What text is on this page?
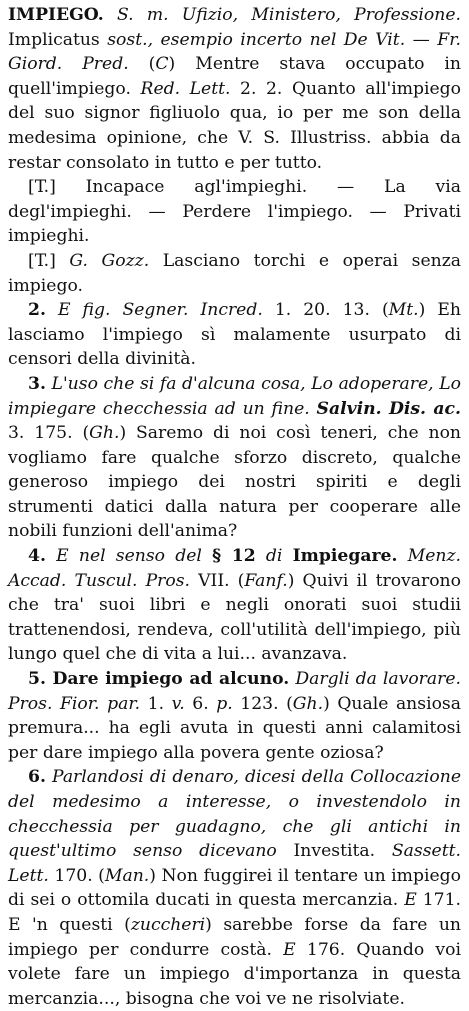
IMPIEGO. S. m. Ufizio, Ministero, Professione. Implicatus sost., esempio incerto nel De Vit. — Fr. Giord. Pred. (C) Mentre stava occupato in quell'impiego. Red. Lett. 2. 2. Quanto all'impiego del suo signor figliuolo qua, io per me son della medesima opinione, che V. S. Illustriss. abbia da restar consolato in tutto e per tutto.

[T.] Incapace agl'impieghi. — La via degl'impieghi. — Perdere l'impiego. — Privati impieghi.

[T.] G. Gozz. Lasciano torchi e operai senza impiego.

2. E fig. Segner. Incred. 1. 20. 13. (Mt.) Eh lasciamo l'impiego sì malamente usurpato di censori della divinità.

3. L'uso che si fa d'alcuna cosa, Lo adoperare, Lo impiegare checchessia ad un fine. Salvin. Dis. ac. 3. 175. (Gh.) Saremo di noi così teneri, che non vogliamo fare qualche sforzo discreto, qualche generoso impiego dei nostri spiriti e degli strumenti datici dalla natura per cooperare alle nobili funzioni dell'anima?

4. E nel senso del § 12 di Impiegare. Menz. Accad. Tuscul. Pros. VII. (Fanf.) Quivi il trovarono che tra' suoi libri e negli onorati suoi studii trattenendosi, rendeva, coll'utilità dell'impiego, più lungo quel che di vita a lui... avanzava.

5. Dare impiego ad alcuno. Dargli da lavorare. Pros. Fior. par. 1. v. 6. p. 123. (Gh.) Quale ansiosa premura... ha egli avuta in questi anni calamitosi per dare impiego alla povera gente oziosa?

6. Parlandosi di denaro, dicesi della Collocazione del medesimo a interesse, o investendolo in checchessia per guadagno, che gli antichi in quest'ultimo senso dicevano Investita. Sassett. Lett. 170. (Man.) Non fuggirei il tentare un impiego di sei o ottomila ducati in questa mercanzia. E 171. E 'n questi (zuccheri) sarebbe forse da fare un impiego per condurre costà. E 176. Quando voi volete fare un impiego d'importanza in questa mercanzia..., bisogna che voi ve ne risolviate.
